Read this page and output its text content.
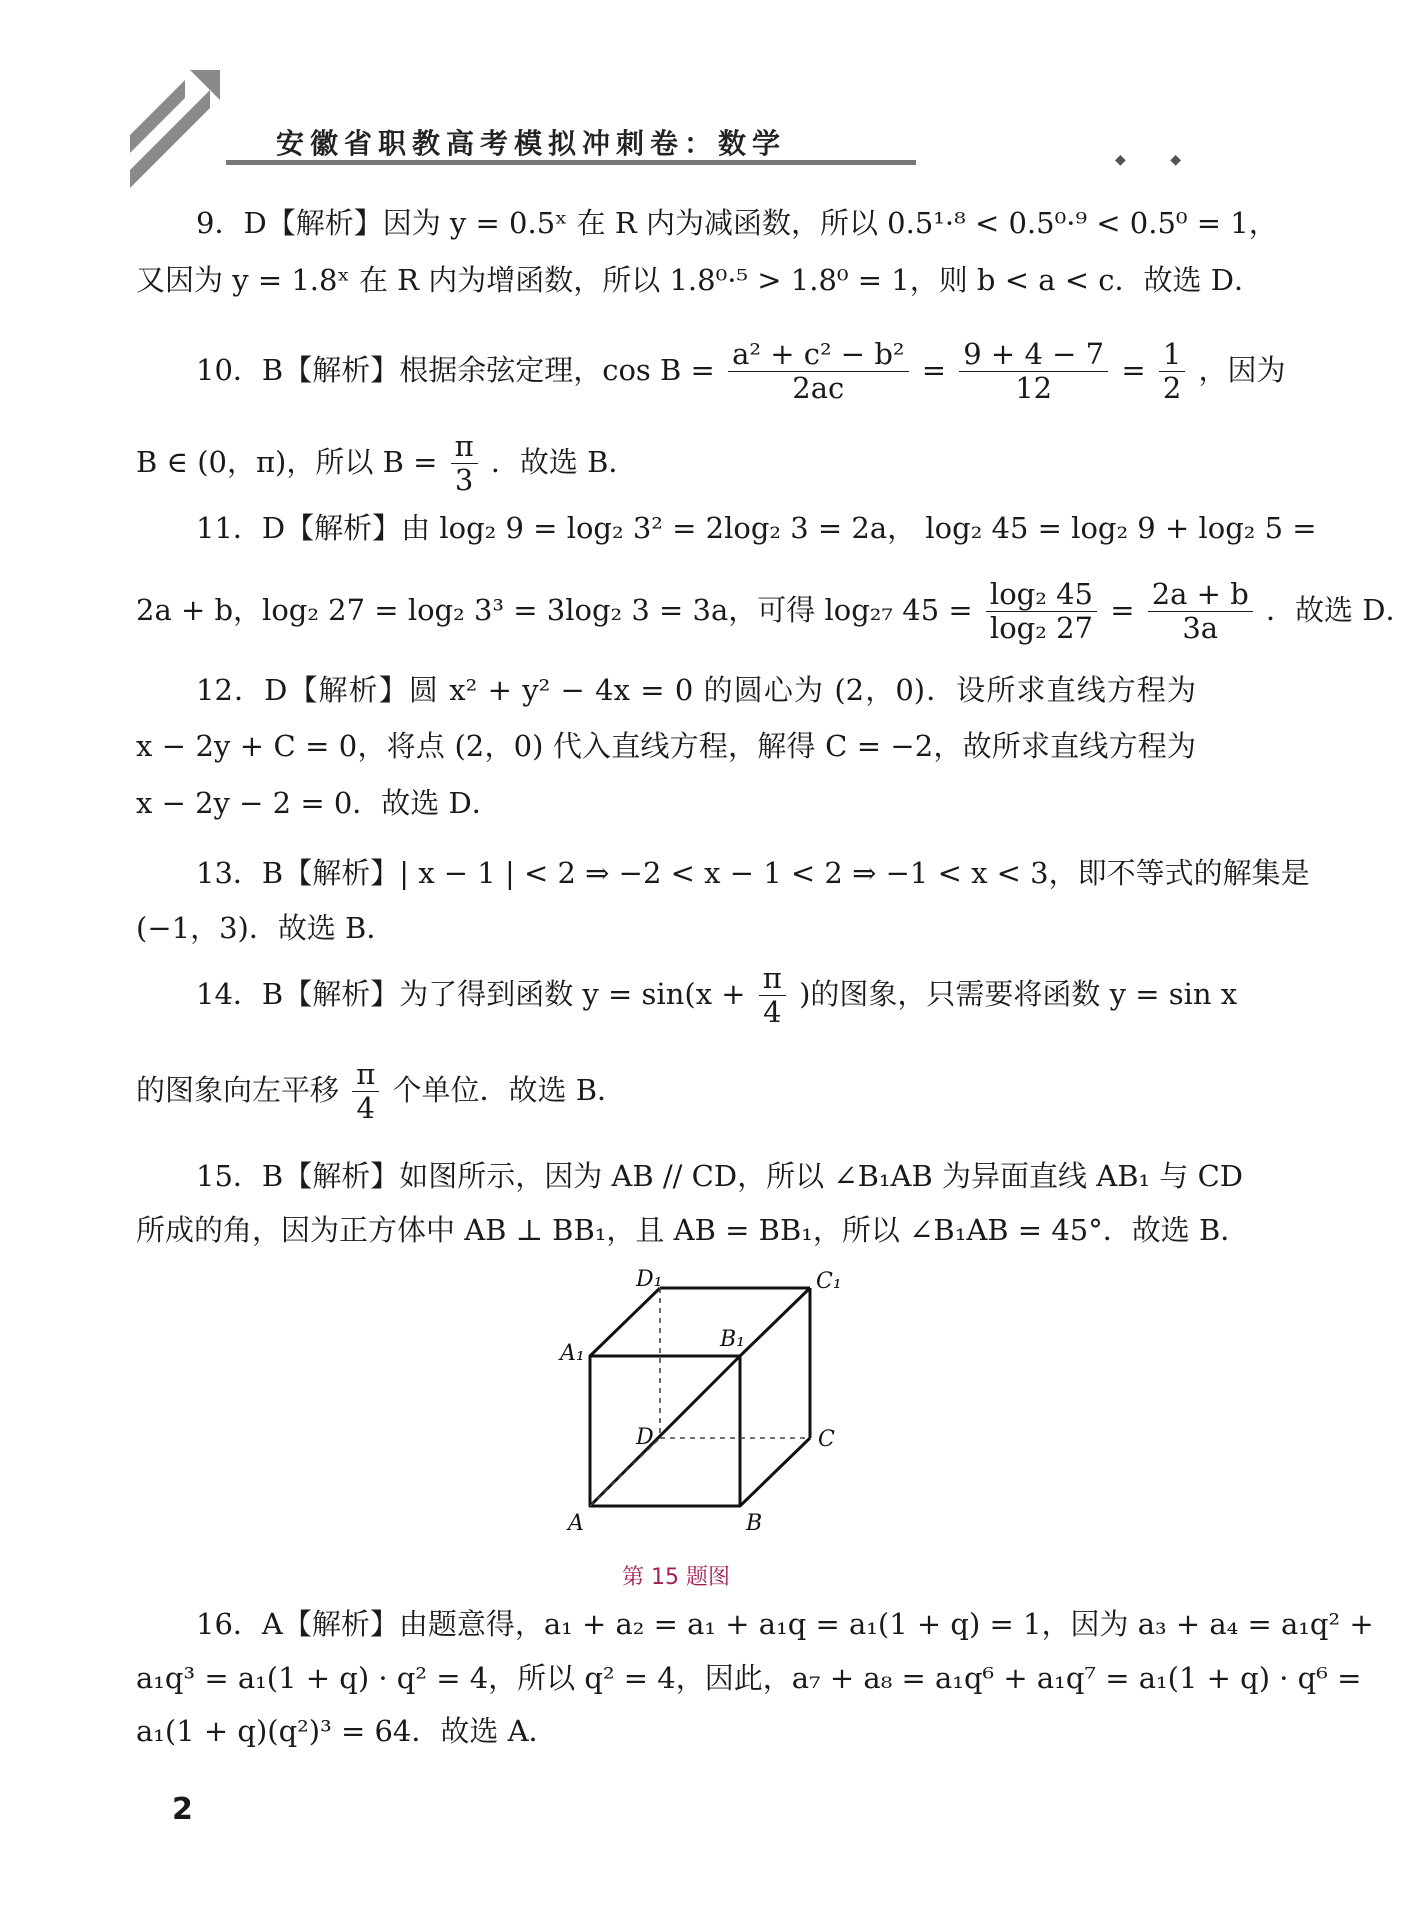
安徽省职教高考模拟冲刺卷：数学	◆ ◆
9．D【解析】因为 y = 0.5ˣ 在 R 内为减函数，所以 0.5¹·⁸ < 0.5⁰·⁹ < 0.5⁰ = 1，
又因为 y = 1.8ˣ 在 R 内为增函数，所以 1.8⁰·⁵ > 1.8⁰ = 1，则 b < a < c．故选 D．
10．B【解析】根据余弦定理，$\cos B = \frac{\text{a² + c² − b²}}{2ac} = \frac{9 + 4 - 7}{12} = \frac{1}{2}$ ，因为
B ∈ (0，π)，所以 $B = \frac{\pi}{3}$ ．故选 B．
11．D【解析】由 log₂ 9 = log₂ 3² = 2log₂ 3 = 2a， log₂ 45 = log₂ 9 + log₂ 5 =
2a + b，log₂ 27 = log₂ 3³ = 3log₂ 3 = 3a，可得 log₂₇ $45 = \frac{\text{log₂ 45}}{\text{log₂ 27}} = \frac{2a + b}{3a}$ ．故选 D．
12．D【解析】圆 x² + y² − 4x = 0 的圆心为 (2，0)．设所求直线方程为
x − 2y + C = 0，将点 (2，0) 代入直线方程，解得 C = −2，故所求直线方程为
x − 2y − 2 = 0．故选 D．
13．B【解析】| x − 1 | < 2 ⇒ −2 < x − 1 < 2 ⇒ −1 < x < 3，即不等式的解集是
(−1，3)．故选 B．
14．B【解析】为了得到函数 $y = \sin(x + \frac{\pi}{4}$ )的图象，只需要将函数 y = sin x
的图象向左平移 $\frac{\pi}{4}$ 个单位．故选 B．
15．B【解析】如图所示，因为 AB // CD，所以 ∠B₁AB 为异面直线 AB₁ 与 CD
所成的角，因为正方体中 AB ⊥ BB₁，且 AB = BB₁，所以 ∠B₁AB = 45°．故选 B．
D₁	C₁
A₁
B₁
D	C
A	B
第 15 题图
16．A【解析】由题意得，a₁ + a₂ = a₁ + a₁q = a₁(1 + q) = 1，因为 a₃ + a₄ = a₁q² +
a₁q³ = a₁(1 + q) · q² = 4，所以 q² = 4，因此，a₇ + a₈ = a₁q⁶ + a₁q⁷ = a₁(1 + q) · q⁶ =
a₁(1 + q)(q²)³ = 64．故选 A．
2
